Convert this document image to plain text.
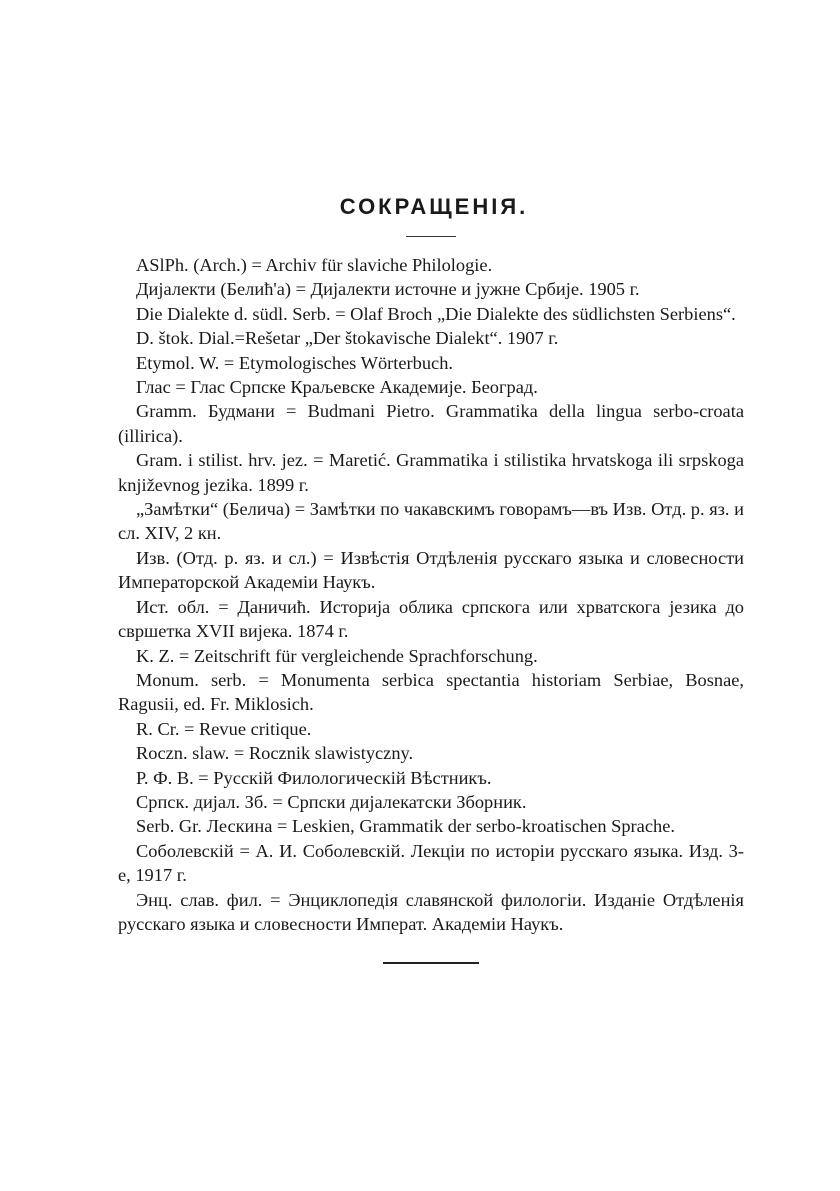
СОКРАЩЕНIЯ.

ASlPh. (Arch.) = Archiv für slaviche Philologie.

Дијалекти (Белић'а) = Дијалекти источне и јужне Србије. 1905 г.

Die Dialekte d. südl. Serb. = Olaf Broch „Die Dialekte des südlichsten Serbiens“.

D. štok. Dial.=Rešetar „Der štokavische Dialekt“. 1907 г.

Etymol. W. = Etymologisches Wörterbuch.

Глас = Глас Српске Краљевске Академије. Београд.

Gramm. Будмани = Budmani Pietro. Grammatika della lingua serbo-croata (illirica).

Gram. i stilist. hrv. jez. = Maretić. Grammatika i stilistika hrvatskoga ili srpskoga književnog jezika. 1899 г.

„Замѣтки“ (Белича) = Замѣтки по чакавскимъ говорамъ—въ Изв. Отд. р. яз. и сл. XIV, 2 кн.

Изв. (Отд. р. яз. и сл.) = Извѣстiя Отдѣленiя русскаго языка и словесности Императорской Академiи Наукъ.

Ист. обл. = Даничић. Историја облика српскога или хрватскога језика до свршетка XVII вијека. 1874 г.

K. Z. = Zeitschrift für vergleichende Sprachforschung.

Monum. serb. = Monumenta serbica spectantia historiam Serbiae, Bosnae, Ragusii, ed. Fr. Miklosich.

R. Cr. = Revue critique.

Roczn. slaw. = Rocznik slawistyczny.

Р. Ф. В. = Русскiй Филологическiй Вѣстникъ.

Српск. дијал. Зб. = Српски дијалекатски Зборник.

Serb. Gr. Лескина = Leskien, Grammatik der serbo-kroatischen Sprache.

Соболевскiй = А. И. Соболевскiй. Лекцiи по исторiи русскаго языка. Изд. 3-е, 1917 г.

Энц. слав. фил. = Энциклопедiя славянской филологiи. Изданiе Отдѣленiя русскаго языка и словесности Императ. Академiи Наукъ.
